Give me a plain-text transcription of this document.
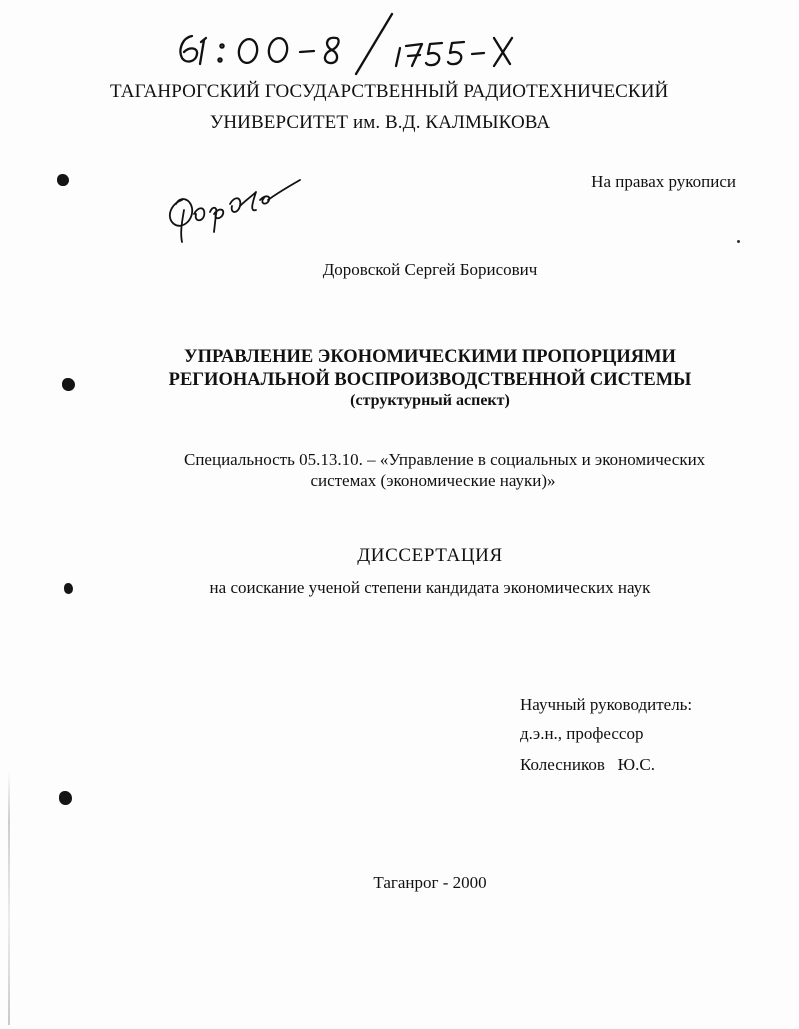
ТАГАНРОГСКИЙ ГОСУДАРСТВЕННЫЙ РАДИОТЕХНИЧЕСКИЙ
УНИВЕРСИТЕТ им. В.Д. КАЛМЫКОВА
На правах рукописи
Доровской Сергей Борисович
УПРАВЛЕНИЕ ЭКОНОМИЧЕСКИМИ ПРОПОРЦИЯМИ
РЕГИОНАЛЬНОЙ ВОСПРОИЗВОДСТВЕННОЙ СИСТЕМЫ
(структурный аспект)
Специальность 05.13.10. – «Управление в социальных и экономических
системах (экономические науки)»
ДИССЕРТАЦИЯ
на соискание ученой степени кандидата экономических наук
Научный руководитель:
д.э.н., профессор
Колесников   Ю.С.
Таганрог - 2000
